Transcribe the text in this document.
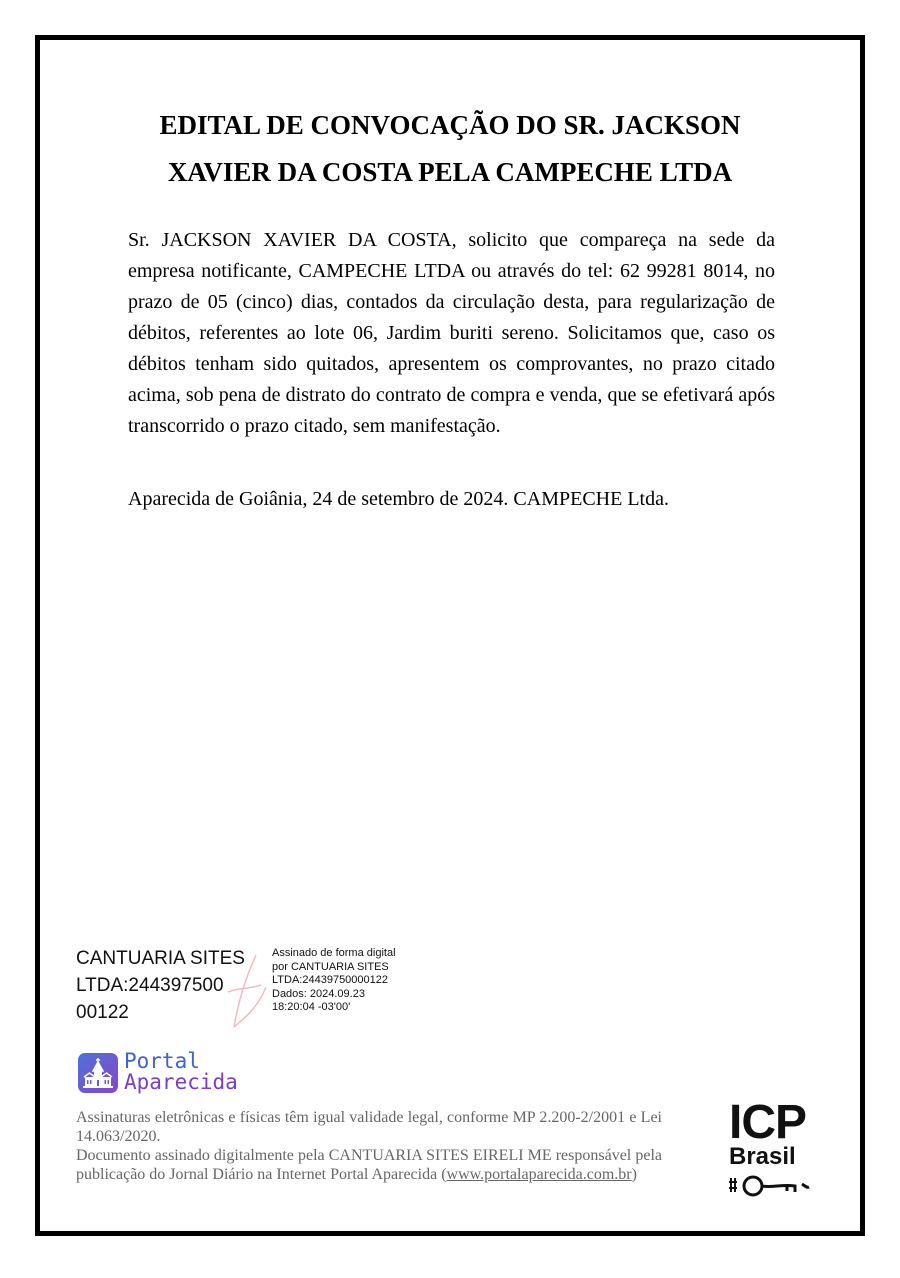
EDITAL DE CONVOCAÇÃO DO SR. JACKSON
XAVIER DA COSTA PELA CAMPECHE LTDA

Sr. JACKSON XAVIER DA COSTA, solicito que compareça na sede da empresa notificante, CAMPECHE LTDA ou através do tel: 62 99281 8014, no prazo de 05 (cinco) dias, contados da circulação desta, para regularização de débitos, referentes ao lote 06, Jardim buriti sereno. Solicitamos que, caso os débitos tenham sido quitados, apresentem os comprovantes, no prazo citado acima, sob pena de distrato do contrato de compra e venda, que se efetivará após transcorrido o prazo citado, sem manifestação.

Aparecida de Goiânia, 24 de setembro de 2024. CAMPECHE Ltda.
CANTUARIA SITES
LTDA:244397500
00122
Assinado de forma digital
por CANTUARIA SITES
LTDA:24439750000122
Dados: 2024.09.23
18:20:04 -03'00'
Portal
Aparecida

Assinaturas eletrônicas e físicas têm igual validade legal, conforme MP 2.200-2/2001 e Lei 14.063/2020.

Documento assinado digitalmente pela CANTUARIA SITES EIRELI ME responsável pela publicação do Jornal Diário na Internet Portal Aparecida (www.portalaparecida.com.br)

ICP
Brasil
